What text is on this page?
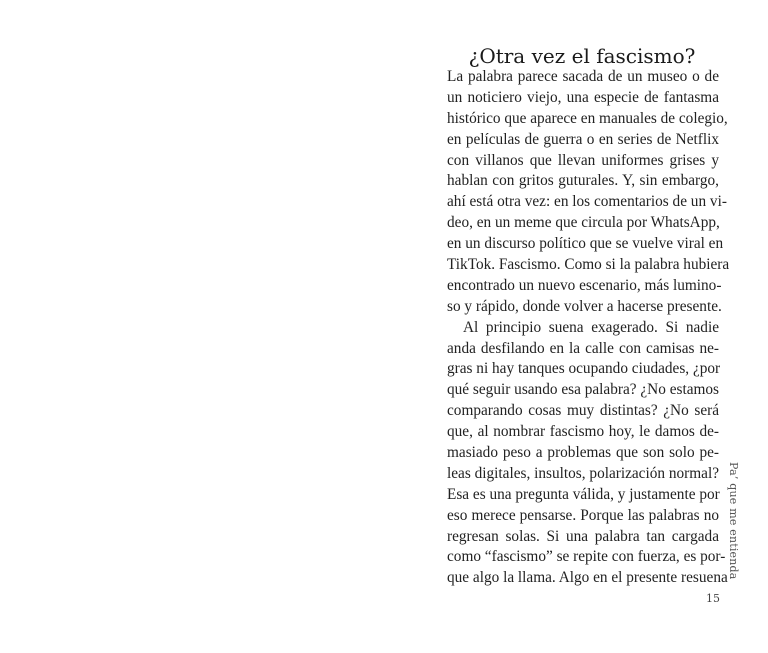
¿Otra vez el fascismo?
La palabra parece sacada de un museo o de
un noticiero viejo, una especie de fantasma
histórico que aparece en manuales de colegio,
en películas de guerra o en series de Netflix
con villanos que llevan uniformes grises y
hablan con gritos guturales. Y, sin embargo,
ahí está otra vez: en los comentarios de un vi-
deo, en un meme que circula por WhatsApp,
en un discurso político que se vuelve viral en
TikTok. Fascismo. Como si la palabra hubiera
encontrado un nuevo escenario, más lumino-
so y rápido, donde volver a hacerse presente.
Al principio suena exagerado. Si nadie
anda desfilando en la calle con camisas ne-
gras ni hay tanques ocupando ciudades, ¿por
qué seguir usando esa palabra? ¿No estamos
comparando cosas muy distintas? ¿No será
que, al nombrar fascismo hoy, le damos de-
masiado peso a problemas que son solo pe-
leas digitales, insultos, polarización normal?
Esa es una pregunta válida, y justamente por
eso merece pensarse. Porque las palabras no
regresan solas. Si una palabra tan cargada
como “fascismo” se repite con fuerza, es por-
que algo la llama. Algo en el presente resuena Pa’ que me entienda
15
